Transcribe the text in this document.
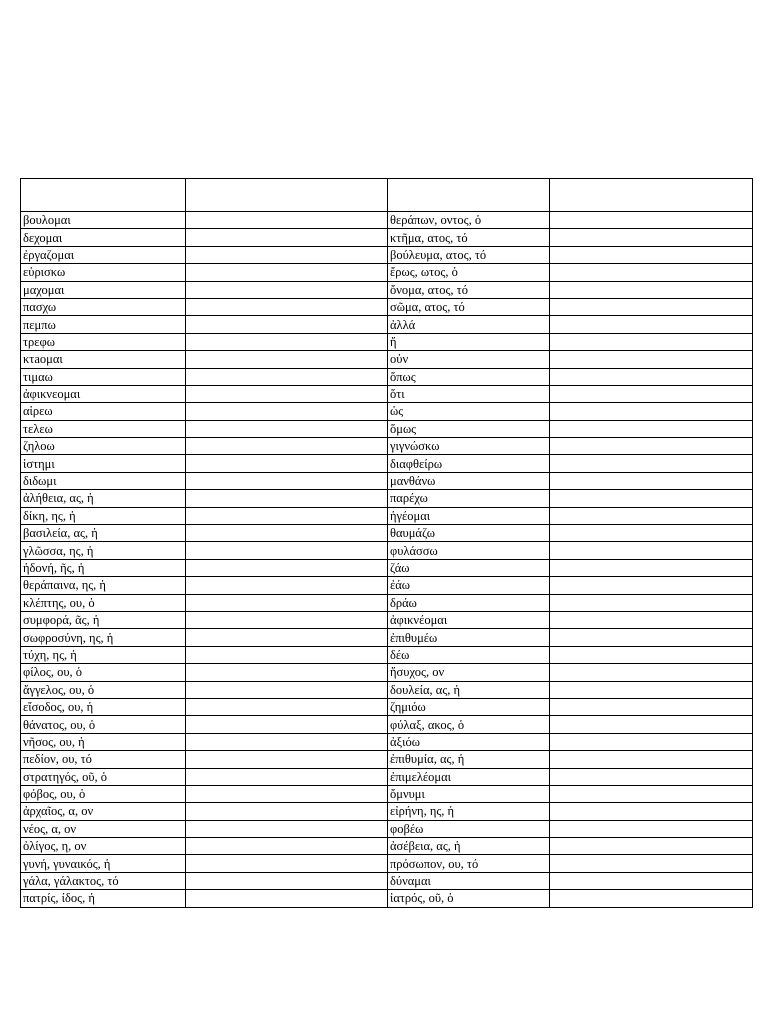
βουλομαι		θεράπων, οντος, ὁ	
δεχομαι		κτῆμα, ατος, τό	
ἐργαζομαι		βούλευμα, ατος, τό	
εὑρισκω		ἔρως, ωτος, ὁ	
μαχομαι		ὄνομα, ατος, τό	
πασχω		σῶμα, ατος, τό	
πεμπω		ἀλλά	
τρεφω		ἤ	
κτaομαι		οὐν	
τιμαω		ὅπως	
ἀφικνεομαι		ὅτι	
αἱρεω		ὡς	
τελεω		ὅμως	
ζηλοω		γιγνώσκω	
ἱστημι		διαφθείρω	
διδωμι		μανθάνω	
ἀλήθεια, ας, ἡ		παρέχω	
δίκη, ης, ἡ		ἡγέομαι	
βασιλεία, ας, ἡ		θαυμάζω	
γλῶσσα, ης, ἡ		φυλάσσω	
ἡδονή, ῆς, ἡ		ζάω	
θεράπαινα, ης, ἡ		ἐάω	
κλέπτης, ου, ὁ		δράω	
συμφορά, ᾶς, ἡ		ἀφικνέομαι	
σωφροσύνη, ης, ἡ		ἐπιθυμέω	
τύχη, ης, ἡ		δέω	
φίλος, ου, ὁ		ἥσυχος, ον	
ἄγγελος, ου, ὁ		δουλεία, ας, ἡ	
εἴσοδος, ου, ἡ		ζημιόω	
θάνατος, ου, ὁ		φύλαξ, ακος, ὁ	
νῆσος, ου, ἡ		ἀξιόω	
πεδίον, ου, τό		ἐπιθυμία, ας, ἡ	
στρατηγός, οῦ, ὁ		ἐπιμελέομαι	
φόβος, ου, ὁ		ὄμνυμι	
ἀρχαῖος, α, ον		εἰρήνη, ης, ἡ	
νέος, α, ον		φοβέω	
ὀλίγος, η, ον		ἀσέβεια, ας, ἡ	
γυνή, γυναικός, ἡ		πρόσωπον, ου, τό	
γάλα, γάλακτος, τό		δύναμαι	
πατρίς, ίδος, ἡ		ἰατρός, οῦ, ὁ	
